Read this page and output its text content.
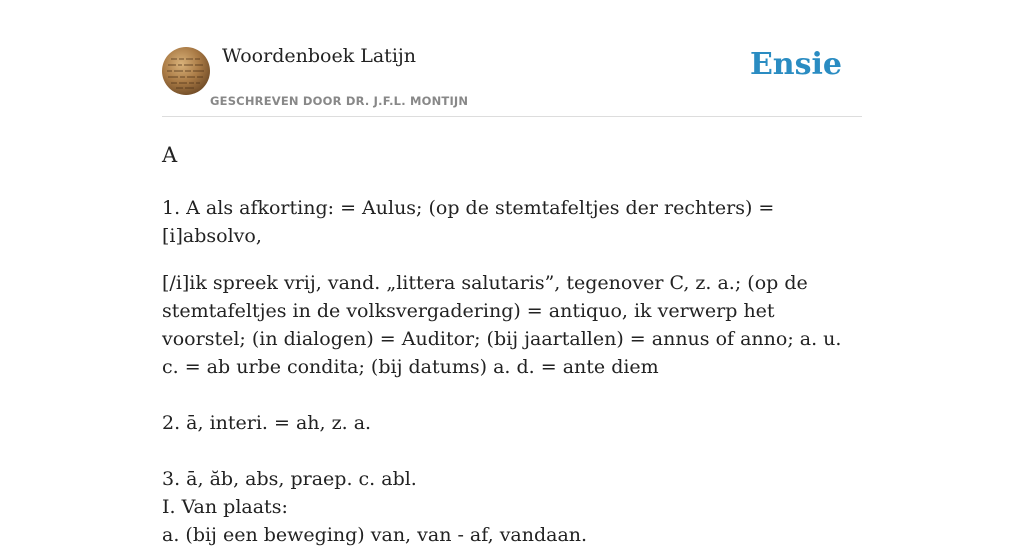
Woordenboek Latijn
GESCHREVEN DOOR DR. J.F.L. MONTIJN
Ensie
A

1. A als afkorting: = Aulus; (op de stemtafeltjes der rechters) = [i]absolvo,

[/i]ik spreek vrij, vand. „littera salutaris”, tegenover C, z. a.; (op de stemtafeltjes in de volksvergadering) = antiquo, ik verwerp het voorstel; (in dialogen) = Auditor; (bij jaartallen) = annus of anno; a. u. c. = ab urbe condita; (bij datums) a. d. = ante diem

2. ā, interi. = ah, z. a.

3. ā, ăb, abs, praep. c. abl.
I. Van plaats:
a. (bij een beweging) van, van - af, vandaan.
